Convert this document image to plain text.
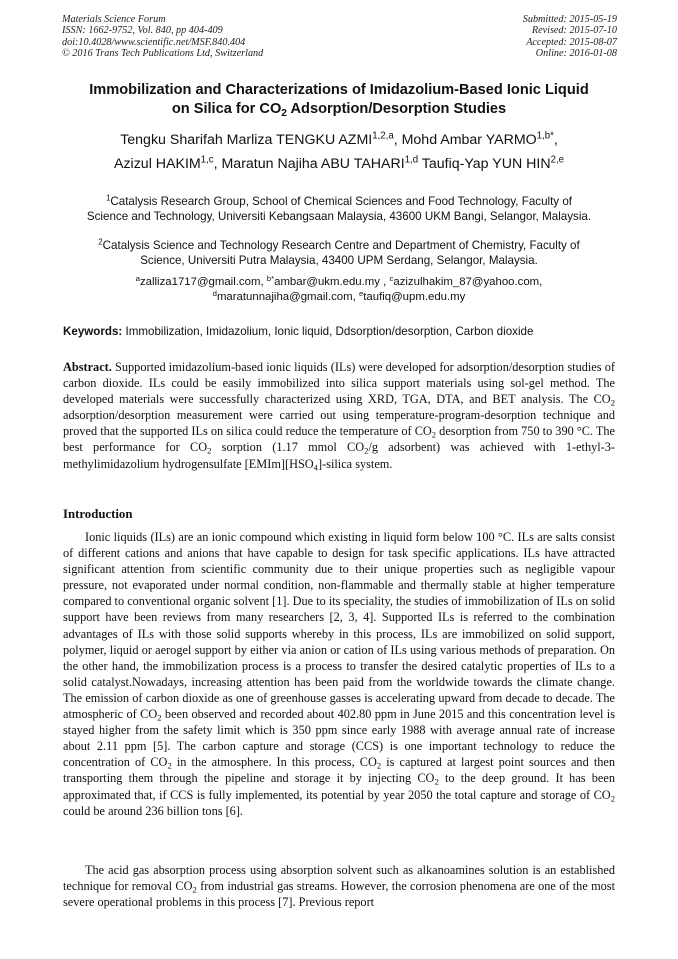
Materials Science Forum
ISSN: 1662-9752, Vol. 840, pp 404-409
doi:10.4028/www.scientific.net/MSF.840.404
© 2016 Trans Tech Publications Ltd, Switzerland
Submitted: 2015-05-19
Revised: 2015-07-10
Accepted: 2015-08-07
Online: 2016-01-08
Immobilization and Characterizations of Imidazolium-Based Ionic Liquid
on Silica for $CO_2$ Adsorption/Desorption Studies
Tengku Sharifah Marliza TENGKU AZMI$^{1,2,a}$, Mohd Ambar $YARMO^{1,b*}$,
Azizul HAKIM$^{1,c}$, Maratun Najiha ABU TAHARI$^{1,d}$ Taufiq-Yap YUN HIN$^{2,e}$
$^1$Catalysis Research Group, School of Chemical Sciences and Food Technology, Faculty of
Science and Technology, Universiti Kebangsaan Malaysia, 43600 UKM Bangi, Selangor, Malaysia.
$^2$Catalysis Science and Technology Research Centre and Department of Chemistry, Faculty of
Science, Universiti Putra Malaysia, 43400 UPM Serdang, Selangor, Malaysia.
$^a$zalliza1717@gmail.com, $^{b*}$ambar@ukm.edu.my , $^c$azizulhakim_87@yahoo.com,
$^d$maratunnajiha@gmail.com, $^e$taufiq@upm.edu.my
Keywords: Immobilization, Imidazolium, Ionic liquid, Ddsorption/desorption, Carbon dioxide
Abstract. Supported imidazolium-based ionic liquids (ILs) were developed for adsorption/desorption studies of carbon dioxide. ILs could be easily immobilized into silica support materials using sol-gel method. The developed materials were successfully characterized using XRD, TGA, DTA, and BET analysis. The $CO_2$ adsorption/desorption measurement were carried out using temperature-program-desorption technique and proved that the supported ILs on silica could reduce the temperature of $CO_2$ desorption from 750 to 390 °C. The best performance for $CO_2$ sorption (1.17 mmol $CO_2/g$ adsorbent) was achieved with 1-ethyl-3-methylimidazolium hydrogensulfate $[EMIm][HSO_4]$-silica system.
Introduction
Ionic liquids (ILs) are an ionic compound which existing in liquid form below 100 °C. ILs are salts consist of different cations and anions that have capable to design for task specific applications. ILs have attracted significant attention from scientific community due to their unique properties such as negligible vapour pressure, not evaporated under normal condition, non-flammable and thermally stable at higher temperature compared to conventional organic solvent [1]. Due to its speciality, the studies of immobilization of ILs on solid support have been reviews from many researchers [2, 3, 4]. Supported ILs is referred to the combination advantages of ILs with those solid supports whereby in this process, ILs are immobilized on solid support, polymer, liquid or aerogel support by either via anion or cation of ILs using various methods of preparation. On the other hand, the immobilization process is a process to transfer the desired catalytic properties of ILs to a solid catalyst.Nowadays, increasing attention has been paid from the worldwide towards the climate change. The emission of carbon dioxide as one of greenhouse gasses is accelerating upward from decade to decade. The atmospheric of $CO_2$ been observed and recorded about 402.80 ppm in June 2015 and this concentration level is stayed higher from the safety limit which is 350 ppm since early 1988 with average annual rate of increase about 2.11 ppm [5]. The carbon capture and storage (CCS) is one important technology to reduce the concentration of $CO_2$ in the atmosphere. In this process, $CO_2$ is captured at largest point sources and then transporting them through the pipeline and storage it by injecting $CO_2$ to the deep ground. It has been approximated that, if CCS is fully implemented, its potential by year 2050 the total capture and storage of $CO_2$ could be around 236 billion tons [6].
The acid gas absorption process using absorption solvent such as alkanoamines solution is an established technique for removal $CO_2$ from industrial gas streams. However, the corrosion phenomena are one of the most severe operational problems in this process [7]. Previous report
